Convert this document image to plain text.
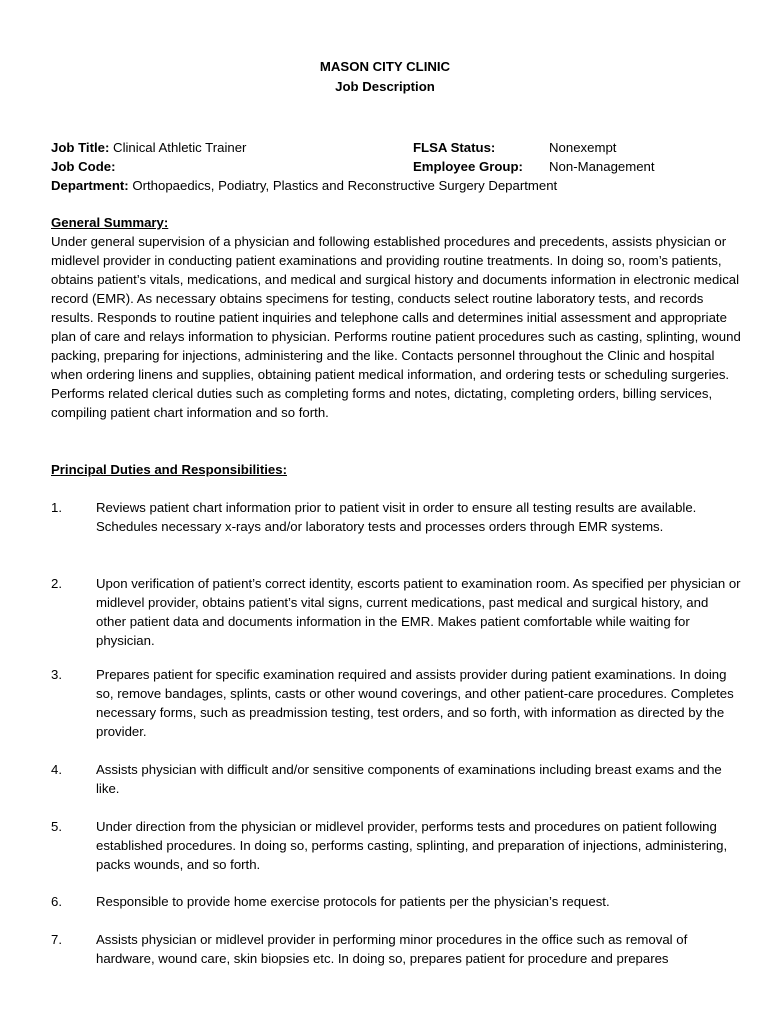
MASON CITY CLINIC
Job Description
Job Title: Clinical Athletic Trainer	FLSA Status:	Nonexempt
Job Code:	Employee Group: Non-Management
Department: Orthopaedics, Podiatry, Plastics and Reconstructive Surgery Department
General Summary:
Under general supervision of a physician and following established procedures and precedents, assists physician or midlevel provider in conducting patient examinations and providing routine treatments. In doing so, room’s patients, obtains patient’s vitals, medications, and medical and surgical history and documents information in electronic medical record (EMR). As necessary obtains specimens for testing, conducts select routine laboratory tests, and records results. Responds to routine patient inquiries and telephone calls and determines initial assessment and appropriate plan of care and relays information to physician. Performs routine patient procedures such as casting, splinting, wound packing, preparing for injections, administering and the like. Contacts personnel throughout the Clinic and hospital when ordering linens and supplies, obtaining patient medical information, and ordering tests or scheduling surgeries. Performs related clerical duties such as completing forms and notes, dictating, completing orders, billing services, compiling patient chart information and so forth.
Principal Duties and Responsibilities:
1.	Reviews patient chart information prior to patient visit in order to ensure all testing results are available. Schedules necessary x-rays and/or laboratory tests and processes orders through EMR systems.
2.	Upon verification of patient’s correct identity, escorts patient to examination room. As specified per physician or midlevel provider, obtains patient’s vital signs, current medications, past medical and surgical history, and other patient data and documents information in the EMR. Makes patient comfortable while waiting for physician.
3.	Prepares patient for specific examination required and assists provider during patient examinations. In doing so, remove bandages, splints, casts or other wound coverings, and other patient-care procedures. Completes necessary forms, such as preadmission testing, test orders, and so forth, with information as directed by the provider.
4.	Assists physician with difficult and/or sensitive components of examinations including breast exams and the like.
5.	Under direction from the physician or midlevel provider, performs tests and procedures on patient following established procedures. In doing so, performs casting, splinting, and preparation of injections, administering, packs wounds, and so forth.
6.	Responsible to provide home exercise protocols for patients per the physician’s request.
7.	Assists physician or midlevel provider in performing minor procedures in the office such as removal of hardware, wound care, skin biopsies etc. In doing so, prepares patient for procedure and prepares
